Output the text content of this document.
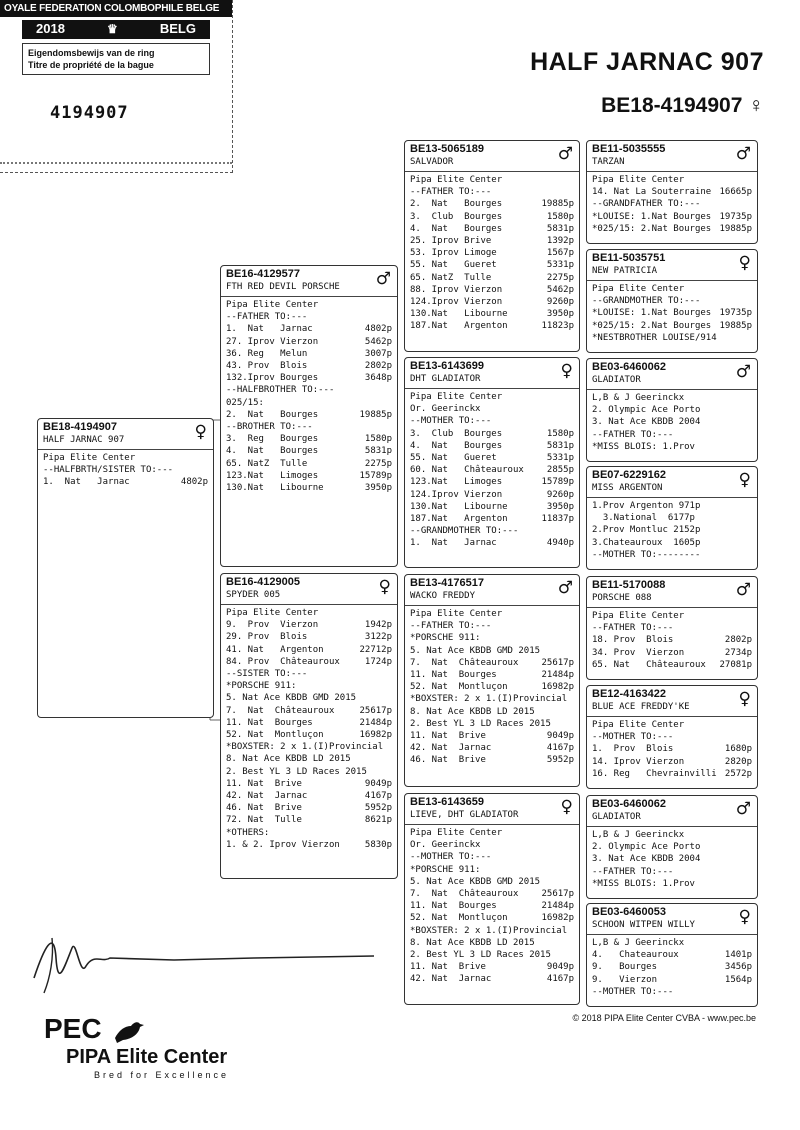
OYALE FEDERATION COLOMBOPHILE BELGE
2018	♛	BELG
Eigendomsbewijs van de ring
Titre de propriété de la bague
4194907
HALF JARNAC 907
BE18-4194907 ♀
BE18-4194907
HALF JARNAC 907	♀
Pipa Elite Center
--HALFBRTH/SISTER TO:---
1.  Nat   Jarnac	4802p
BE16-4129577
FTH RED DEVIL PORSCHE	♂
Pipa Elite Center
--FATHER TO:---
1.  Nat   Jarnac	4802p
27. Iprov Vierzon	5462p
36. Reg   Melun	3007p
43. Prov  Blois	2802p
132.Iprov Bourges	3648p
--HALFBROTHER TO:---
025/15:
2.  Nat   Bourges	19885p
--BROTHER TO:---
3.  Reg   Bourges	1580p
4.  Nat   Bourges	5831p
65. NatZ  Tulle	2275p
123.Nat   Limoges	15789p
130.Nat   Libourne	3950p
BE16-4129005
SPYDER 005	♀
Pipa Elite Center
9.  Prov  Vierzon	1942p
29. Prov  Blois	3122p
41. Nat   Argenton	22712p
84. Prov  Châteauroux	1724p
--SISTER TO:---
*PORSCHE 911:
5. Nat Ace KBDB GMD 2015
7.  Nat  Châteauroux	25617p
11. Nat  Bourges	21484p
52. Nat  Montluçon	16982p
*BOXSTER: 2 x 1.(I)Provincial
8. Nat Ace KBDB LD 2015
2. Best YL 3 LD Races 2015
11. Nat  Brive	9049p
42. Nat  Jarnac	4167p
46. Nat  Brive	5952p
72. Nat  Tulle	8621p
*OTHERS:
1. & 2. Iprov Vierzon	5830p
BE13-5065189
SALVADOR	♂
Pipa Elite Center
--FATHER TO:---
2.  Nat   Bourges	19885p
3.  Club  Bourges	1580p
4.  Nat   Bourges	5831p
25. Iprov Brive	1392p
53. Iprov Limoge	1567p
55. Nat   Gueret	5331p
65. NatZ  Tulle	2275p
88. Iprov Vierzon	5462p
124.Iprov Vierzon	9260p
130.Nat   Libourne	3950p
187.Nat   Argenton	11823p
BE13-6143699
DHT GLADIATOR	♀
Pipa Elite Center
Or. Geerinckx
--MOTHER TO:---
3.  Club  Bourges	1580p
4.  Nat   Bourges	5831p
55. Nat   Gueret	5331p
60. Nat   Châteauroux	2855p
123.Nat   Limoges	15789p
124.Iprov Vierzon	9260p
130.Nat   Libourne	3950p
187.Nat   Argenton	11837p
--GRANDMOTHER TO:---
1.  Nat   Jarnac	4940p
BE13-4176517
WACKO FREDDY	♂
Pipa Elite Center
--FATHER TO:---
*PORSCHE 911:
5. Nat Ace KBDB GMD 2015
7.  Nat  Châteauroux	25617p
11. Nat  Bourges	21484p
52. Nat  Montluçon	16982p
*BOXSTER: 2 x 1.(I)Provincial
8. Nat Ace KBDB LD 2015
2. Best YL 3 LD Races 2015
11. Nat  Brive	9049p
42. Nat  Jarnac	4167p
46. Nat  Brive	5952p
BE13-6143659
LIEVE, DHT GLADIATOR	♀
Pipa Elite Center
Or. Geerinckx
--MOTHER TO:---
*PORSCHE 911:
5. Nat Ace KBDB GMD 2015
7.  Nat  Châteauroux	25617p
11. Nat  Bourges	21484p
52. Nat  Montluçon	16982p
*BOXSTER: 2 x 1.(I)Provincial
8. Nat Ace KBDB LD 2015
2. Best YL 3 LD Races 2015
11. Nat  Brive	9049p
42. Nat  Jarnac	4167p
BE11-5035555
TARZAN	♂
Pipa Elite Center
14. Nat La Souterraine 16665p
--GRANDFATHER TO:---
*LOUISE: 1.Nat Bourges 19735p
*025/15: 2.Nat Bourges 19885p
BE11-5035751
NEW PATRICIA	♀
Pipa Elite Center
--GRANDMOTHER TO:---
*LOUISE: 1.Nat Bourges 19735p
*025/15: 2.Nat Bourges 19885p
*NESTBROTHER LOUISE/914
BE03-6460062
GLADIATOR	♂
L,B & J Geerinckx
2. Olympic Ace Porto
3. Nat Ace KBDB 2004
--FATHER TO:---
*MISS BLOIS: 1.Prov
BE07-6229162
MISS ARGENTON	♀
1.Prov Argenton 971p
3.National  6177p
2.Prov Montluc 2152p
3.Chateauroux  1605p
--MOTHER TO:--------
BE11-5170088
PORSCHE 088	♂
Pipa Elite Center
--FATHER TO:---
18. Prov  Blois	2802p
34. Prov  Vierzon	2734p
65. Nat   Châteauroux	27081p
BE12-4163422
BLUE ACE FREDDY'KE	♀
Pipa Elite Center
--MOTHER TO:---
1.  Prov  Blois	1680p
14. Iprov Vierzon	2820p
16. Reg   Chevrainvilli 2572p
BE03-6460062
GLADIATOR	♂
L,B & J Geerinckx
2. Olympic Ace Porto
3. Nat Ace KBDB 2004
--FATHER TO:---
*MISS BLOIS: 1.Prov
BE03-6460053
SCHOON WITPEN WILLY	♀
L,B & J Geerinckx
4.   Chateauroux	1401p
9.   Bourges	3456p
9.   Vierzon	1564p
--MOTHER TO:---
PEC
PIPA Elite Center
Bred for Excellence
© 2018 PIPA Elite Center CVBA - www.pec.be
